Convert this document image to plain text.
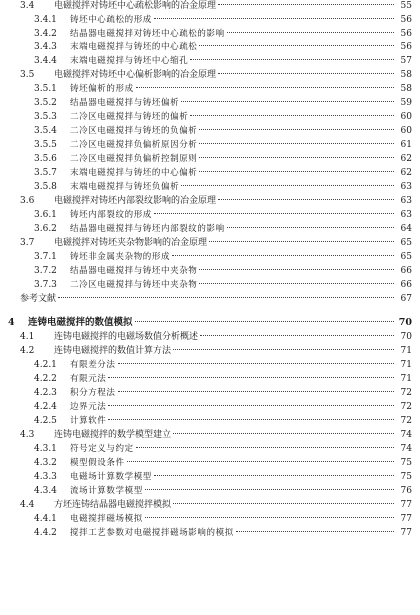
3.4	电磁搅拌对铸坯中心疏松影响的冶金原理	55
3.4.1	铸坯中心疏松的形成	56
3.4.2	结晶器电磁搅拌对铸坯中心疏松的影响	56
3.4.3	末端电磁搅拌与铸坯的中心疏松	56
3.4.4	末端电磁搅拌与铸坯中心缩孔	57
3.5	电磁搅拌对铸坯中心偏析影响的冶金原理	58
3.5.1	铸坯偏析的形成	58
3.5.2	结晶器电磁搅拌与铸坯偏析	59
3.5.3	二冷区电磁搅拌与铸坯的偏析	60
3.5.4	二冷区电磁搅拌与铸坯的负偏析	60
3.5.5	二冷区电磁搅拌负偏析原因分析	61
3.5.6	二冷区电磁搅拌负偏析控制原则	62
3.5.7	末端电磁搅拌与铸坯的中心偏析	62
3.5.8	末端电磁搅拌与铸坯负偏析	63
3.6	电磁搅拌对铸坯内部裂纹影响的冶金原理	63
3.6.1	铸坯内部裂纹的形成	63
3.6.2	结晶器电磁搅拌与铸坯内部裂纹的影响	64
3.7	电磁搅拌对铸坯夹杂物影响的冶金原理	65
3.7.1	铸坯非金属夹杂物的形成	65
3.7.2	结晶器电磁搅拌与铸坯中夹杂物	66
3.7.3	二冷区电磁搅拌与铸坯中夹杂物	66
参考文献	67
4	连铸电磁搅拌的数值模拟	70
4.1	连铸电磁搅拌的电磁场数值分析概述	70
4.2	连铸电磁搅拌的数值计算方法	71
4.2.1	有限差分法	71
4.2.2	有限元法	71
4.2.3	积分方程法	72
4.2.4	边界元法	72
4.2.5	计算软件	72
4.3	连铸电磁搅拌的数学模型建立	74
4.3.1	符号定义与约定	74
4.3.2	模型假设条件	75
4.3.3	电磁场计算数学模型	75
4.3.4	流场计算数学模型	76
4.4	方坯连铸结晶器电磁搅拌模拟	77
4.4.1	电磁搅拌磁场模拟	77
4.4.2	搅拌工艺参数对电磁搅拌磁场影响的模拟	77
